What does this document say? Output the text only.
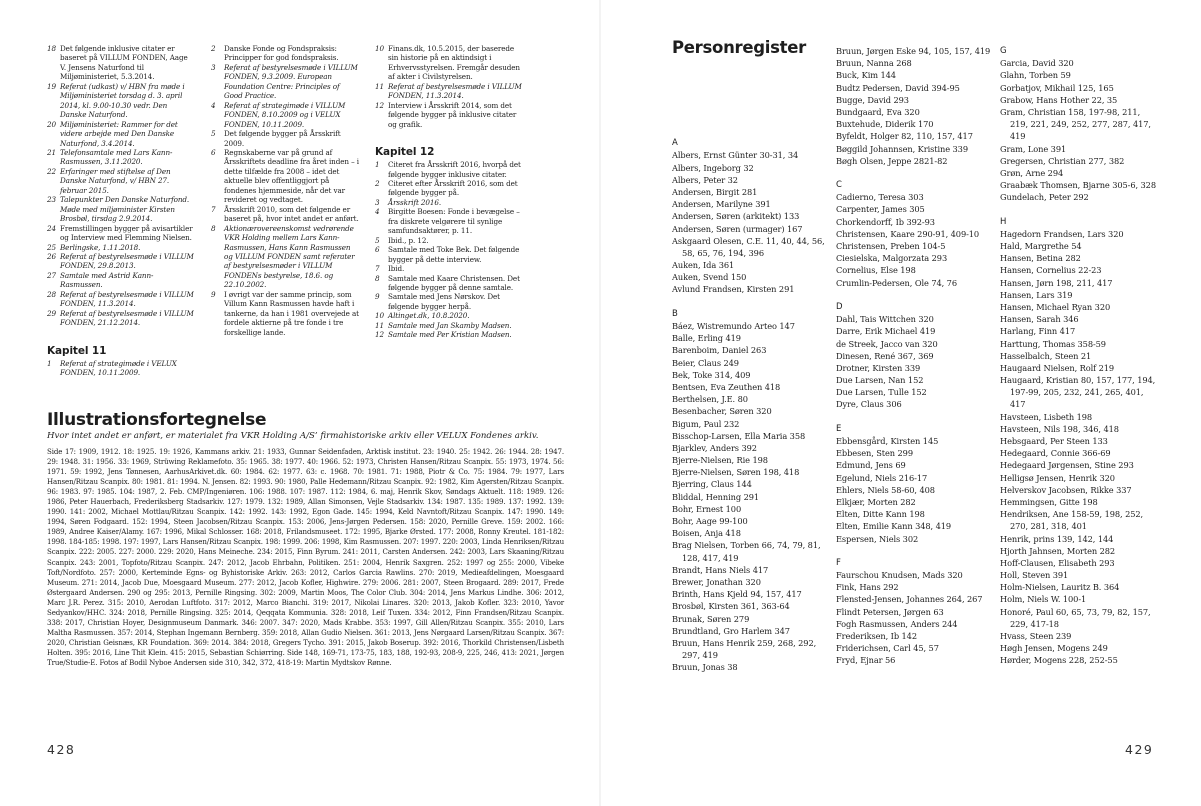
18 Det følgende inklusive citater er baseret på VILLUM FONDEN, Aage V. Jensens Naturfond til Miljøministeriet, 5.3.2014.
19 Referat (udkast) v/ HBN fra møde i Miljøministeriet torsdag d. 3. april 2014, kl. 9.00-10.30 vedr. Den Danske Naturfond.
20 Miljøministeriet: Rammer for det videre arbejde med Den Danske Naturfond, 3.4.2014.
21 Telefonsamtale med Lars Kann-Rasmussen, 3.11.2020.
22 Erfaringer med stiftelse af Den Danske Naturfond, v/ HBN 27. februar 2015.
23 Talepunkter Den Danske Naturfond. Møde med miljøminister Kirsten Brosbøl, tirsdag 2.9.2014.
24 Fremstillingen bygger på avisartikler og Interview med Flemming Nielsen.
25 Berlingske, 1.11.2018.
26 Referat af bestyrelsesmøde i VILLUM FONDEN, 29.8.2013.
27 Samtale med Astrid Kann-Rasmussen.
28 Referat af bestyrelsesmøde i VILLUM FONDEN, 11.3.2014.
29 Referat af bestyrelsesmøde i VILLUM FONDEN, 21.12.2014.
Kapitel 11
1 Referat af strategimøde i VELUX FONDEN, 10.11.2009.
2 Danske Fonde og Fondspraksis: Principper for god fondspraksis.
3 Referat af bestyrelsesmøde i VILLUM FONDEN, 9.3.2009. European Foundation Centre: Principles of Good Practice.
4 Referat af strategimøde i VILLUM FONDEN, 8.10.2009 og i VELUX FONDEN, 10.11.2009.
5 Det følgende bygger på Årsskrift 2009.
6 Regnskaberne var på grund af Årsskriftets deadline fra året inden – i dette tilfælde fra 2008 – idet det aktuelle blev offentliggjort på fondenes hjemmeside, når det var revideret og vedtaget.
7 Årsskrift 2010, som det følgende er baseret på, hvor intet andet er anført.
8 Aktionærovereenskomst vedrørende VKR Holding mellem Lars Kann-Rasmussen, Hans Kann Rasmussen og VILLUM FONDEN samt referater af bestyrelsesmøder i VILLUM FONDENs bestyrelse, 18.6. og 22.10.2002.
9 I øvrigt var der samme princip, som Villum Kann Rasmussen havde haft i tankerne, da han i 1981 overvejede at fordele aktierne på tre fonde i tre forskellige lande.
10 Finans.dk, 10.5.2015, der baserede sin historie på en aktindsigt i Erhvervsstyrelsen. Fremgår desuden af akter i Civilstyrelsen.
11 Referat af bestyrelsesmøde i VILLUM FONDEN, 11.3.2014.
12 Interview i Årsskrift 2014, som det følgende bygger på inklusive citater og grafik.
Kapitel 12
1 Citeret fra Årsskrift 2016, hvorpå det følgende bygger inklusive citater.
2 Citeret efter Årsskrift 2016, som det følgende bygger på.
3 Årsskrift 2016.
4 Birgitte Boesen: Fonde i bevægelse – fra diskrete velgørere til synlige samfundsaktører, p. 11.
5 Ibid., p. 12.
6 Samtale med Toke Bek. Det følgende bygger på dette interview.
7 Ibid.
8 Samtale med Kaare Christensen. Det følgende bygger på denne samtale.
9 Samtale med Jens Nørskov. Det følgende bygger herpå.
10 Altinget.dk, 10.8.2020.
11 Samtale med Jan Skamby Madsen.
12 Samtale med Per Kristian Madsen.
Illustrationsfortegnelse
Hvor intet andet er anført, er materialet fra VKR Holding A/S’ firmahistoriske arkiv eller VELUX Fondenes arkiv.
Side 17: 1909, 1912. 18: 1925. 19: 1926, Kammans arkiv. 21: 1933, Gunnar Seidenfaden, Arktisk institut. 23: 1940. 25: 1942. 26: 1944. 28: 1947. 29: 1948. 31: 1956. 33: 1969, Strüwing Reklamefoto. 35: 1965. 38: 1977. 40: 1966. 52: 1973, Christen Hansen/Ritzau Scanpix. 55: 1973, 1974. 56: 1971. 59: 1992, Jens Tønnesen, AarhusArkivet.dk. 60: 1984. 62: 1977. 63: c. 1968. 70: 1981. 71: 1988, Piotr & Co. 75: 1984. 79: 1977, Lars Hansen/Ritzau Scanpix. 80: 1981. 81: 1994. N. Jensen. 82: 1993. 90: 1980, Palle Hedemann/Ritzau Scanpix. 92: 1982, Kim Agersten/Ritzau Scanpix. 96: 1983. 97: 1985. 104: 1987, 2. Feb. CMP/Ingeniøren. 106: 1988. 107: 1987. 112: 1984, 6. maj, Henrik Skov, Søndags Aktuelt. 118: 1989. 126: 1986, Peter Hauerbach, Frederiksberg Stadsarkiv. 127: 1979. 132: 1989, Allan Simonsen, Vejle Stadsarkiv. 134: 1987. 135: 1989. 137: 1992. 139: 1990. 141: 2002, Michael Mottlau/Ritzau Scanpix. 142: 1992. 143: 1992, Egon Gade. 145: 1994, Keld Navntoft/Ritzau Scanpix. 147: 1990. 149: 1994, Søren Fodgaard. 152: 1994, Steen Jacobsen/Ritzau Scanpix. 153: 2006, Jens-Jørgen Pedersen. 158: 2020, Pernille Greve. 159: 2002. 166: 1989, Andree Kaiser/Alamy. 167: 1996, Mikal Schlosser. 168: 2018, Frilandsmuseet. 172: 1995, Bjarke Ørsted. 177: 2008, Ronny Kreutel. 181-182: 1998. 184-185: 1998. 197: 1997, Lars Hansen/Ritzau Scanpix. 198: 1999. 206: 1998, Kim Rasmussen. 207: 1997. 220: 2003, Linda Henriksen/Ritzau Scanpix. 222: 2005. 227: 2000. 229: 2020, Hans Meineche. 234: 2015, Finn Byrum. 241: 2011, Carsten Andersen. 242: 2003, Lars Skaaning/Ritzau Scanpix. 243: 2001, Topfoto/Ritzau Scanpix. 247: 2012, Jacob Ehrbahn, Politiken. 251: 2004, Henrik Saxgren. 252: 1997 og 255: 2000, Vibeke Toft/Nordfoto. 257: 2000, Kerteminde Egns- og Byhistoriske Arkiv. 263: 2012, Carlos Garcia Rawlins. 270: 2019, Medieafdelingen, Moesgaard Museum. 271: 2014, Jacob Due, Moesgaard Museum. 277: 2012, Jacob Kofler, Highwire. 279: 2006. 281: 2007, Steen Brogaard. 289: 2017, Frede Østergaard Andersen. 290 og 295: 2013, Pernille Ringsing. 302: 2009, Martin Moos, The Color Club. 304: 2014, Jens Markus Lindhe. 306: 2012, Marc J.R. Perez. 315: 2010, Aerodan Luftfoto. 317: 2012, Marco Bianchi. 319: 2017, Nikolai Linares. 320: 2013, Jakob Kofler. 323: 2010, Yavor Sedyankov/HHC. 324: 2018, Pernille Ringsing. 325: 2014, Qeqqata Kommunia. 328: 2018, Leif Tuxen. 334: 2012, Finn Frandsen/Ritzau Scanpix. 338: 2017, Christian Hoyer, Designmuseum Danmark. 346: 2007. 347: 2020, Mads Krabbe. 353: 1997, Gill Allen/Ritzau Scanpix. 355: 2010, Lars Maltha Rasmussen. 357: 2014, Stephan Ingemann Bernberg. 359: 2018, Allan Gudio Nielsen. 361: 2013, Jens Nørgaard Larsen/Ritzau Scanpix. 367: 2020, Christian Geisnæs, KR Foundation. 369: 2014. 384: 2018, Gregers Tycho. 391: 2015, Jakob Boserup. 392: 2016, Thorkild Christensen/Lisbeth Holten. 395: 2016, Line Thit Klein. 415: 2015, Sebastian Schiørring. Side 148, 169-71, 173-75, 183, 188, 192-93, 208-9, 225, 246, 413: 2021, Jørgen True/Studie-E. Fotos af Bodil Nyboe Andersen side 310, 342, 372, 418-19: Martin Mydtskov Rønne.
428
Personregister
A
Albers, Ernst Günter 30-31, 34
Albers, Ingeborg 32
Albers, Peter 32
Andersen, Birgit 281
Andersen, Marilyne 391
Andersen, Søren (arkitekt) 133
Andersen, Søren (urmager) 167
Askgaard Olesen, C.E. 11, 40, 44, 56, 58, 65, 76, 194, 396
Auken, Ida 361
Auken, Svend 150
Avlund Frandsen, Kirsten 291
B
Báez, Wistremundo Arteo 147
Balle, Erling 419
Barenboim, Daniel 263
Beier, Claus 249
Bek, Toke 314, 409
Bentsen, Eva Zeuthen 418
Berthelsen, J.E. 80
Besenbacher, Søren 320
Bigum, Paul 232
Bisschop-Larsen, Ella Maria 358
Bjarklev, Anders 392
Bjerre-Nielsen, Rie 198
Bjerre-Nielsen, Søren 198, 418
Bjerring, Claus 144
Bliddal, Henning 291
Bohr, Ernest 100
Bohr, Aage 99-100
Boisen, Anja 418
Brag Nielsen, Torben 66, 74, 79, 81, 128, 417, 419
Brandt, Hans Niels 417
Brewer, Jonathan 320
Brinth, Hans Kjeld 94, 157, 417
Brosbøl, Kirsten 361, 363-64
Brunak, Søren 279
Brundtland, Gro Harlem 347
Bruun, Hans Henrik 259, 268, 292, 297, 419
Bruun, Jonas 38
Bruun, Jørgen Eske 94, 105, 157, 419
Bruun, Nanna 268
Buck, Kim 144
Budtz Pedersen, David 394-95
Bugge, David 293
Bundgaard, Eva 320
Buxtehude, Diderik 170
Byfeldt, Holger 82, 110, 157, 417
Bøggild Johannsen, Kristine 339
Bøgh Olsen, Jeppe 2821-82
C
Cadierno, Teresa 303
Carpenter, James 305
Chorkendorff, Ib 392-93
Christensen, Kaare 290-91, 409-10
Christensen, Preben 104-5
Ciesielska, Malgorzata 293
Cornelius, Else 198
Crumlin-Pedersen, Ole 74, 76
D
Dahl, Tais Wittchen 320
Darre, Erik Michael 419
de Streek, Jacco van 320
Dinesen, René 367, 369
Drotner, Kirsten 339
Due Larsen, Nan 152
Due Larsen, Tulle 152
Dyre, Claus 306
E
Ebbensgård, Kirsten 145
Ebbesen, Sten 299
Edmund, Jens 69
Egelund, Niels 216-17
Ehlers, Niels 58-60, 408
Elkjær, Morten 282
Elten, Ditte Kann 198
Elten, Emilie Kann 348, 419
Espersen, Niels 302
F
Faurschou Knudsen, Mads 320
Fink, Hans 292
Flensted-Jensen, Johannes 264, 267
Flindt Petersen, Jørgen 63
Fogh Rasmussen, Anders 244
Frederiksen, Ib 142
Friderichsen, Carl 45, 57
Fryd, Ejnar 56
G
Garcia, David 320
Glahn, Torben 59
Gorbatjov, Mikhail 125, 165
Grabow, Hans Hother 22, 35
Gram, Christian 158, 197-98, 211, 219, 221, 249, 252, 277, 287, 417, 419
Gram, Lone 391
Gregersen, Christian 277, 382
Grøn, Arne 294
Graabæk Thomsen, Bjarne 305-6, 328
Gundelach, Peter 292
H
Hagedorn Frandsen, Lars 320
Hald, Margrethe 54
Hansen, Betina 282
Hansen, Cornelius 22-23
Hansen, Jørn 198, 211, 417
Hansen, Lars 319
Hansen, Michael Ryan 320
Hansen, Sarah 346
Harlang, Finn 417
Harttung, Thomas 358-59
Hasselbalch, Steen 21
Haugaard Nielsen, Rolf 219
Haugaard, Kristian 80, 157, 177, 194, 197-99, 205, 232, 241, 265, 401, 417
Havsteen, Lisbeth 198
Havsteen, Nils 198, 346, 418
Hebsgaard, Per Steen 133
Hedegaard, Connie 366-69
Hedegaard Jørgensen, Stine 293
Helligsø Jensen, Henrik 320
Helverskov Jacobsen, Rikke 337
Hemmingsen, Gitte 198
Hendriksen, Ane 158-59, 198, 252, 270, 281, 318, 401
Henrik, prins 139, 142, 144
Hjorth Jahnsen, Morten 282
Hoff-Clausen, Elisabeth 293
Holl, Steven 391
Holm-Nielsen, Lauritz B. 364
Holm, Niels W. 100-1
Honoré, Paul 60, 65, 73, 79, 82, 157, 229, 417-18
Hvass, Steen 239
Høgh Jensen, Mogens 249
Hørder, Mogens 228, 252-55
429
